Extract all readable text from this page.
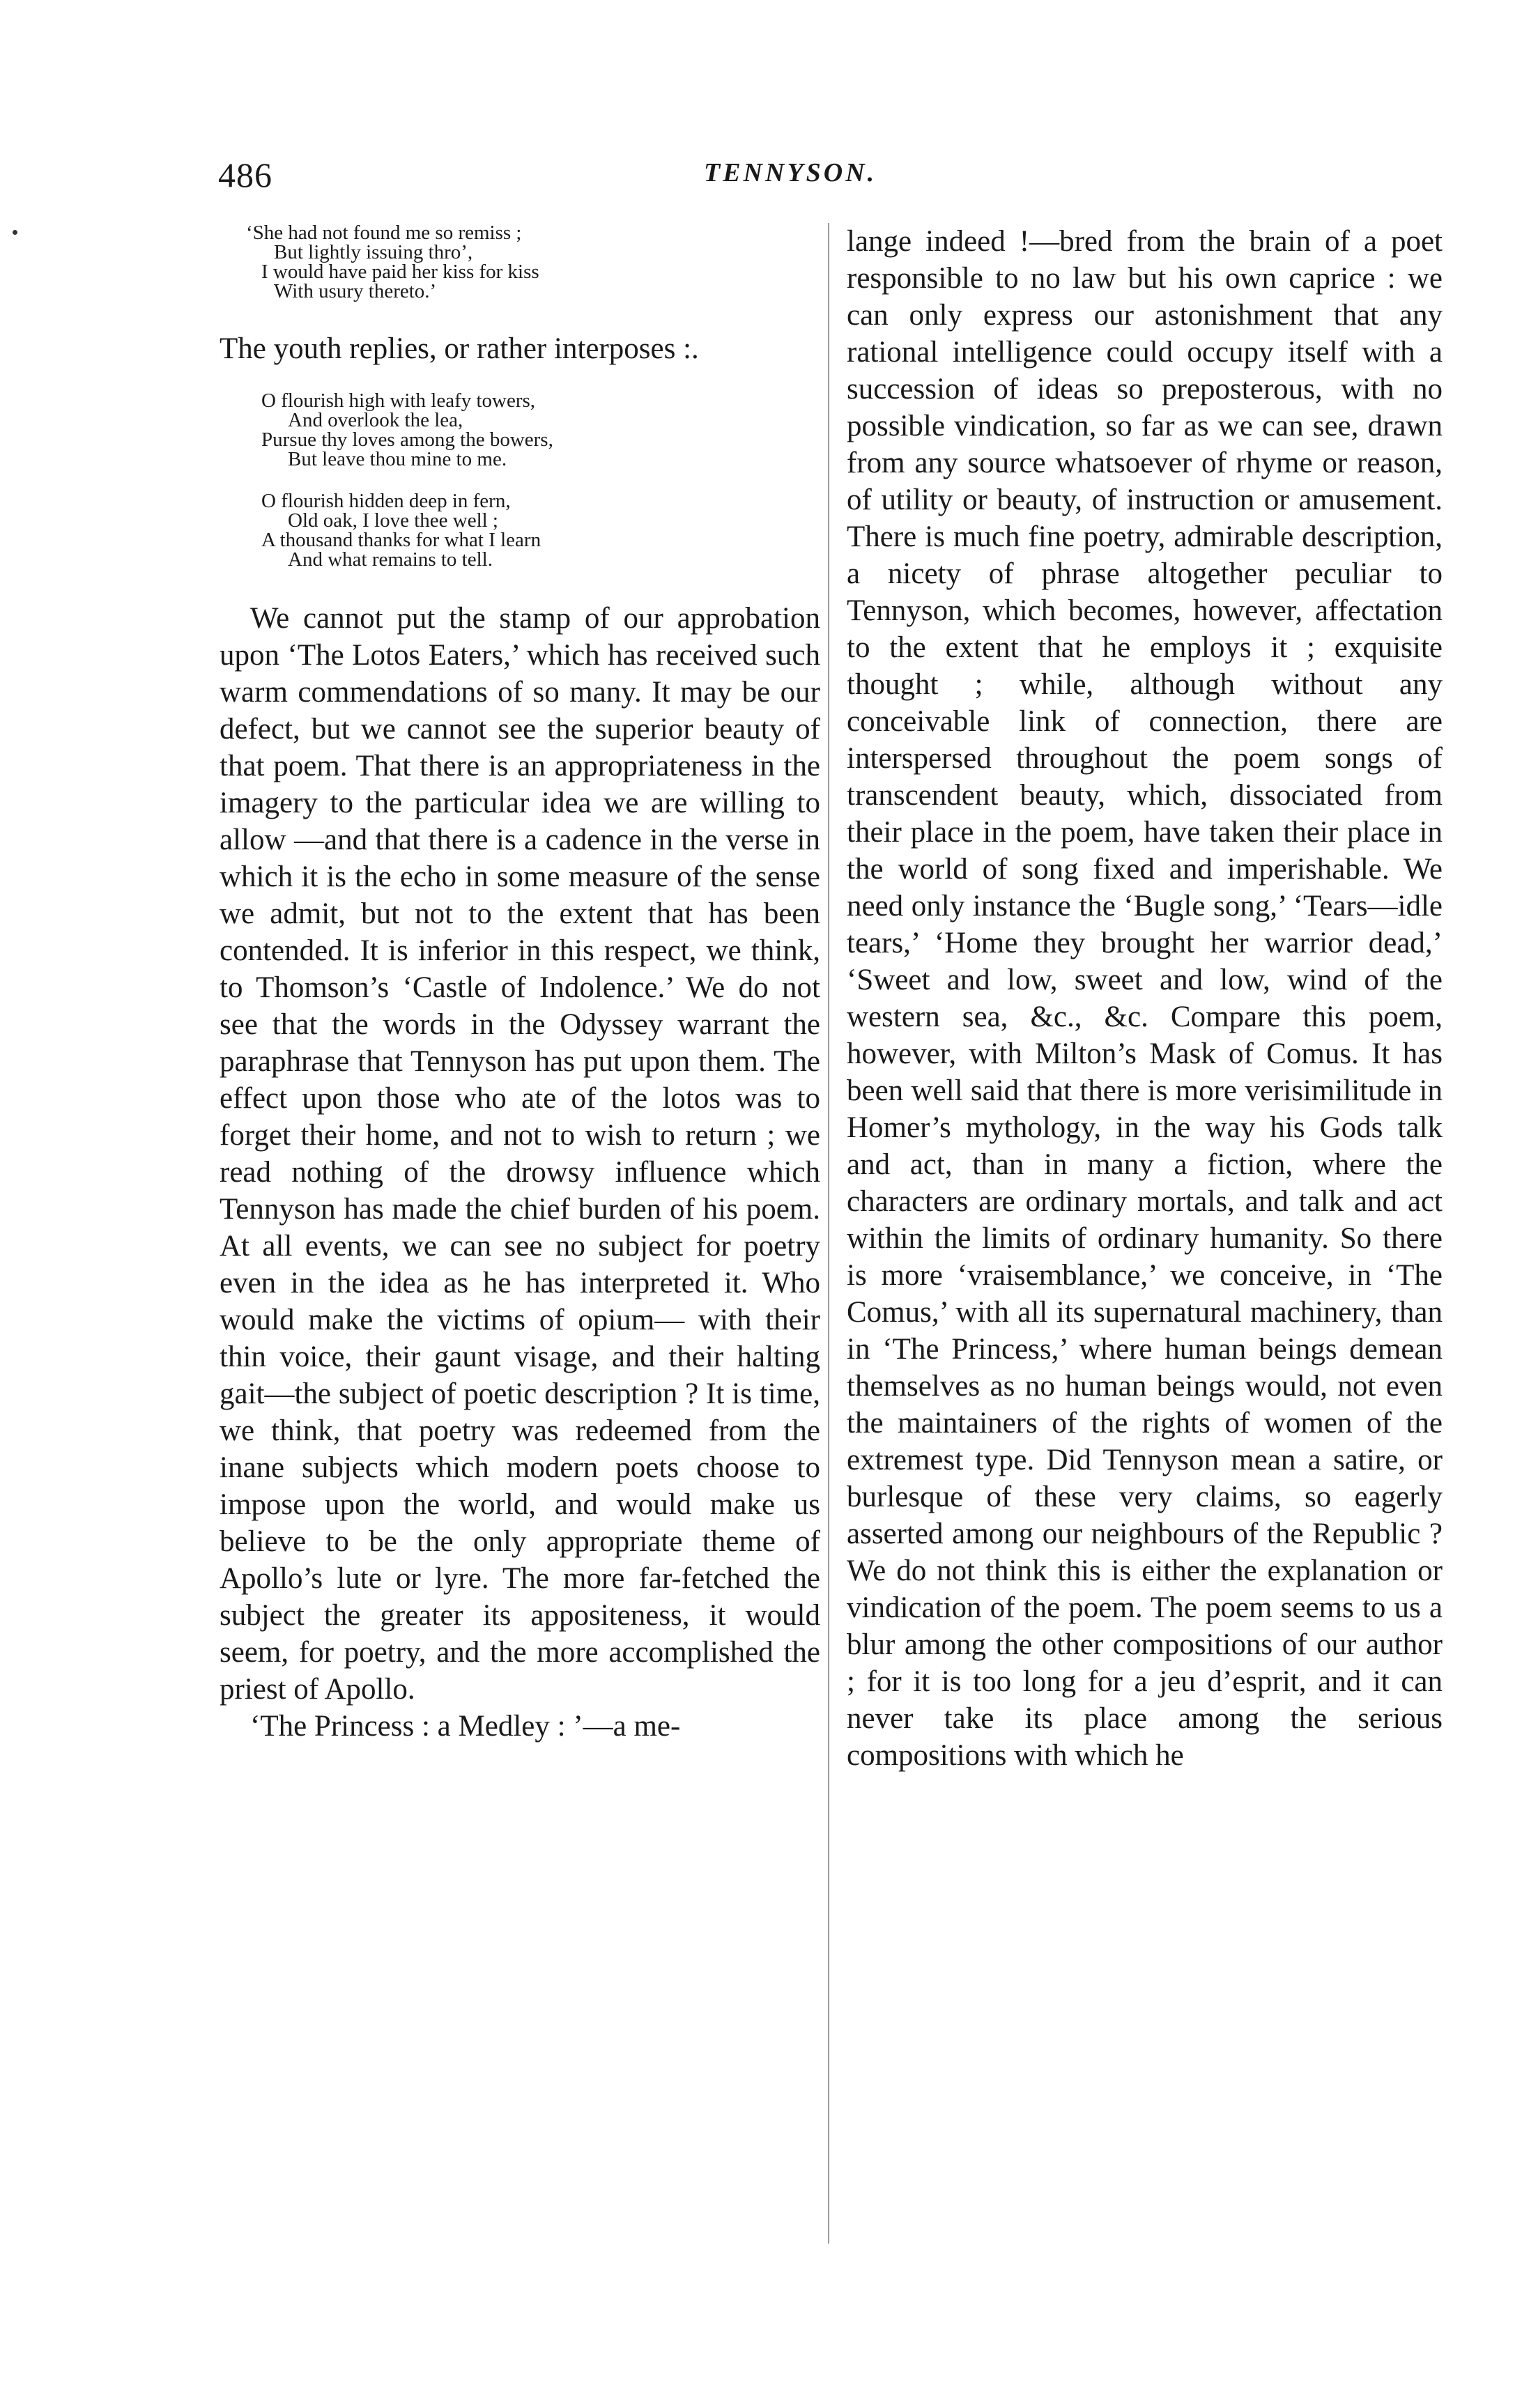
486	TENNYSON.
‘She had not found me so remiss ;
But lightly issuing thro’,
I would have paid her kiss for kiss
With usury thereto.’

The youth replies, or rather interposes :.

O flourish high with leafy towers,
And overlook the lea,
Pursue thy loves among the bowers,
But leave thou mine to me.
O flourish hidden deep in fern,
Old oak, I love thee well ;
A thousand thanks for what I learn
And what remains to tell.

We cannot put the stamp of our approbation upon ‘The Lotos Eaters,’ which has received such warm commendations of so many. It may be our defect, but we cannot see the superior beauty of that poem. That there is an appropriateness in the imagery to the particular idea we are willing to allow —and that there is a cadence in the verse in which it is the echo in some measure of the sense we admit, but not to the extent that has been contended. It is inferior in this respect, we think, to Thomson’s ‘Castle of Indolence.’ We do not see that the words in the Odyssey warrant the paraphrase that Tennyson has put upon them. The effect upon those who ate of the lotos was to forget their home, and not to wish to return ; we read nothing of the drowsy influence which Tennyson has made the chief burden of his poem. At all events, we can see no subject for poetry even in the idea as he has interpreted it. Who would make the victims of opium— with their thin voice, their gaunt visage, and their halting gait—the subject of poetic description ? It is time, we think, that poetry was redeemed from the inane subjects which modern poets choose to impose upon the world, and would make us believe to be the only appropriate theme of Apollo’s lute or lyre. The more far-fetched the subject the greater its appositeness, it would seem, for poetry, and the more accomplished the priest of Apollo.

‘The Princess : a Medley : ’—a me-

lange indeed !—bred from the brain of a poet responsible to no law but his own caprice : we can only express our astonishment that any rational intelligence could occupy itself with a succession of ideas so preposterous, with no possible vindication, so far as we can see, drawn from any source whatsoever of rhyme or reason, of utility or beauty, of instruction or amusement. There is much fine poetry, admirable description, a nicety of phrase altogether peculiar to Tennyson, which becomes, however, affectation to the extent that he employs it ; exquisite thought ; while, although without any conceivable link of connection, there are interspersed throughout the poem songs of transcendent beauty, which, dissociated from their place in the poem, have taken their place in the world of song fixed and imperishable. We need only instance the ‘Bugle song,’ ‘Tears—idle tears,’ ‘Home they brought her warrior dead,’ ‘Sweet and low, sweet and low, wind of the western sea, &c., &c. Compare this poem, however, with Milton’s Mask of Comus. It has been well said that there is more verisimilitude in Homer’s mythology, in the way his Gods talk and act, than in many a fiction, where the characters are ordinary mortals, and talk and act within the limits of ordinary humanity. So there is more ‘vraisemblance,’ we conceive, in ‘The Comus,’ with all its supernatural machinery, than in ‘The Princess,’ where human beings demean themselves as no human beings would, not even the maintainers of the rights of women of the extremest type. Did Tennyson mean a satire, or burlesque of these very claims, so eagerly asserted among our neighbours of the Republic ? We do not think this is either the explanation or vindication of the poem. The poem seems to us a blur among the other compositions of our author ; for it is too long for a jeu d’esprit, and it can never take its place among the serious compositions with which he
